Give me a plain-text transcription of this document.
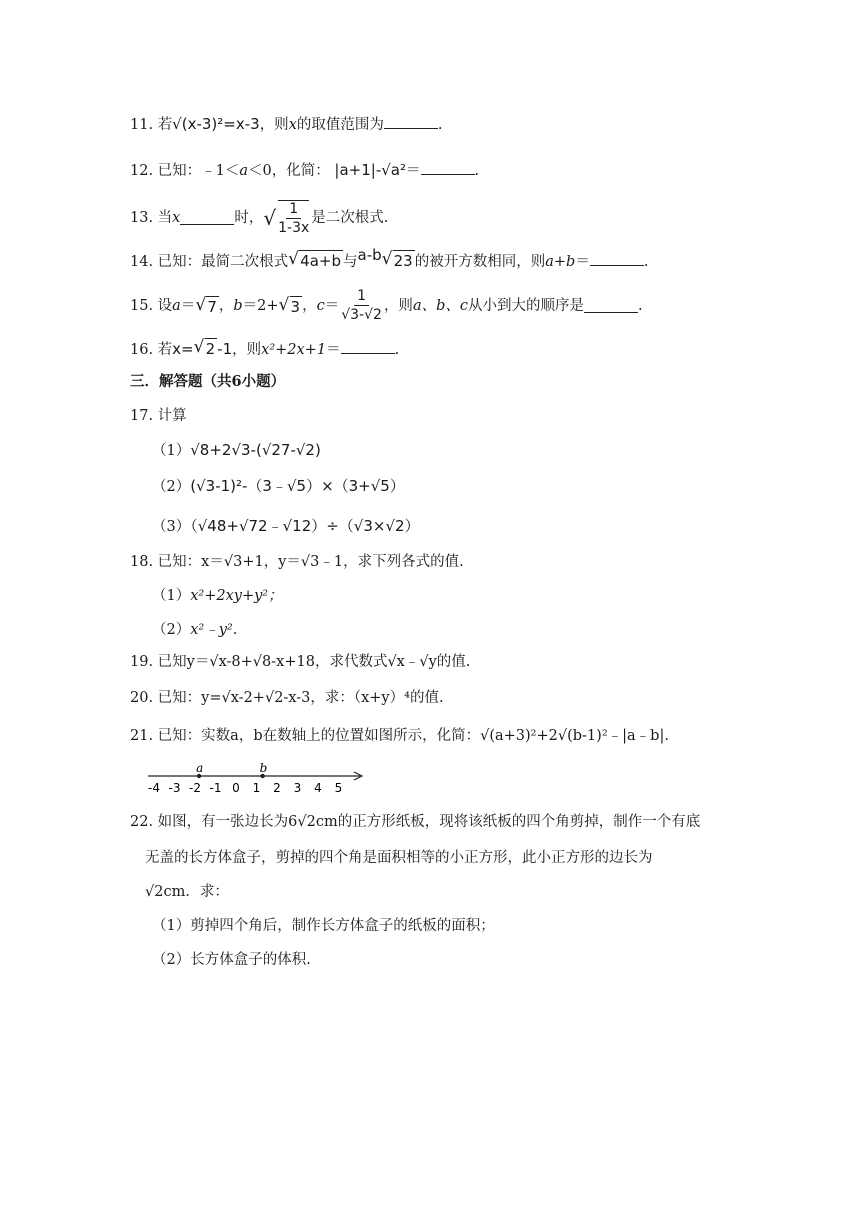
11. 若√(x-3)²=x-3，则x的取值范围为	.
12. 已知：﹣1＜a＜0，化简： |a+1|-√a²＝	.
13.
当 x	时， √ $\frac{1}{1-3x}$ 是二次根式.
14. 已知：最简二次根式 √ 4a+b 与$^{a-b}$ √ 23 的被开方数相同，则a+b＝	.
15.
设 a ＝ √ 7 ， b ＝2+ √ 3 ， $c = \frac{1}{√3-√2}$ ，则 a、b、c 从小到大的顺序是	.
16. 若x= √ 2 -1，则x²+2x+1＝	.
三．解答题（共6小题）
17. 计算
（1）√8+2√3-(√27-√2)
（2）(√3-1)²-（3﹣√5）×（3+√5）
（3）（√48+√72﹣√12）÷（√3×√2）
18. 已知：x＝√3+1，y＝√3﹣1，求下列各式的值.
（1）x²+2xy+y²；
（2）x²﹣y².
19. 已知y＝√x-8+√8-x+18，求代数式√x﹣√y的值.
20. 已知：y=√x-2+√2-x-3，求：（x+y）⁴的值.
21. 已知：实数a，b在数轴上的位置如图所示，化简：√(a+3)²+2√(b-1)²﹣|a﹣b|.
-4 -3 -2 -1 0 1 2 3 4 5
a	b
22. 如图，有一张边长为6√2cm的正方形纸板，现将该纸板的四个角剪掉，制作一个有底
无盖的长方体盒子，剪掉的四个角是面积相等的小正方形，此小正方形的边长为
√2cm．求：
（1）剪掉四个角后，制作长方体盒子的纸板的面积；
（2）长方体盒子的体积.
